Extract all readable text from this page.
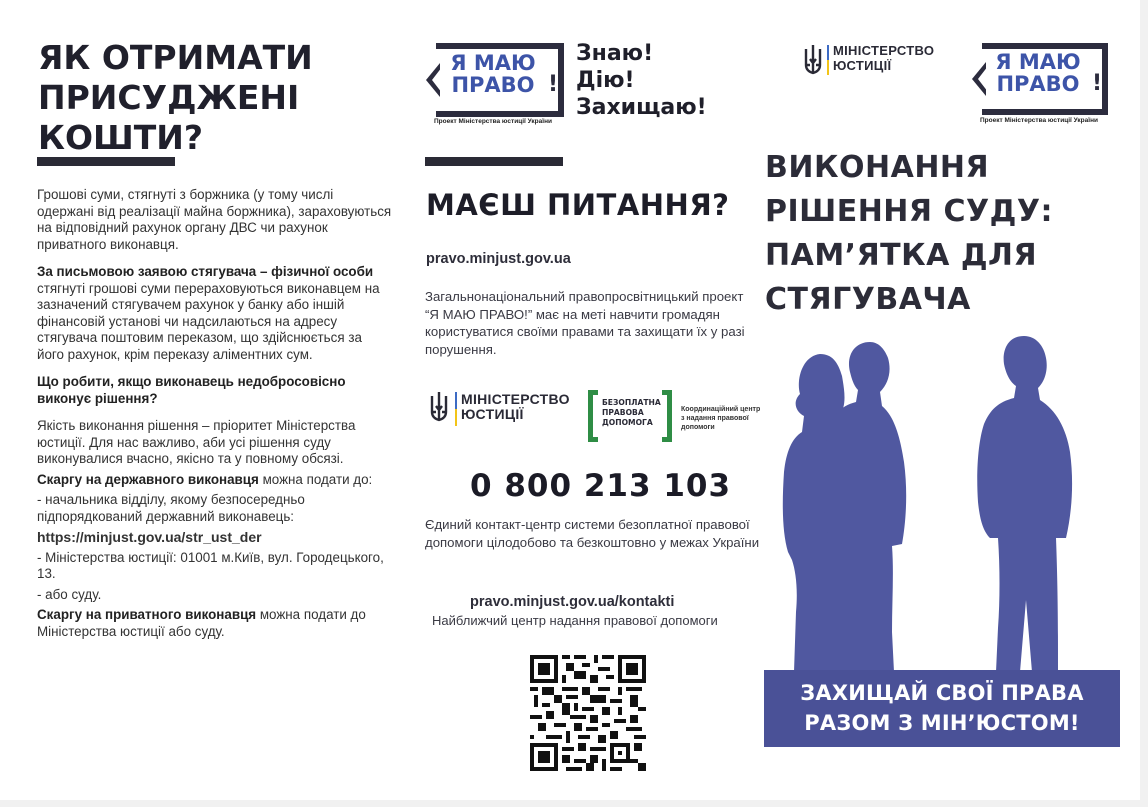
ЯК ОТРИМАТИ
ПРИСУДЖЕНІ КОШТИ?

Грошові суми, стягнуті з боржника (у тому числі одержані від реалізації майна боржника), зараховуються на відповідний рахунок органу ДВС чи рахунок приватного виконавця.

За письмовою заявою стягувача – фізичної особи стягнуті грошові суми перераховуються виконавцем на зазначений стягувачем рахунок у банку або іншій фінансовій установі чи надсилаються на адресу стягувача поштовим переказом, що здійснюється за його рахунок, крім переказу аліментних сум.

Що робити, якщо виконавець недобросовісно виконує рішення?

Якість виконання рішення – пріоритет Міністерства юстиції. Для нас важливо, аби усі рішення суду виконувалися вчасно, якісно та у повному обсязі.

Скаргу на державного виконавця можна подати до:

- начальника відділу, якому безпосередньо підпорядкований державний виконавець:

https://minjust.gov.ua/str_ust_der

- Міністерства юстиції: 01001 м.Київ, вул. Городецького, 13.

- або суду.

Скаргу на приватного виконавця можна подати до Міністерства юстиції або суду.

Я МАЮ
ПРАВО !
Проект Міністерства юстиції України
Знаю!
Дію!
Захищаю!
МАЄШ ПИТАННЯ?
pravo.minjust.gov.ua
Загальнонаціональний правопросвітницький проект “Я МАЮ ПРАВО!” має на меті навчити громадян користуватися своїми правами та захищати їх у разі порушення.
МІНІСТЕРСТВО
ЮСТИЦІЇ
БЕЗОПЛАТНА ПРАВОВА ДОПОМОГА
Координаційний центр з надання правової допомоги
0 800 213 103
Єдиний контакт-центр системи безоплатної правової допомоги цілодобово та безкоштовно у межах України
pravo.minjust.gov.ua/kontakti
Найближчий центр надання правової допомоги
МІНІСТЕРСТВО
ЮСТИЦІЇ	Я МАЮ
ПРАВО !
Проект Міністерства юстиції України
ВИКОНАННЯ
РІШЕННЯ СУДУ:
ПАМ’ЯТКА ДЛЯ
СТЯГУВАЧА
ЗАХИЩАЙ СВОЇ ПРАВА
РАЗОМ З МІН’ЮСТОМ!
